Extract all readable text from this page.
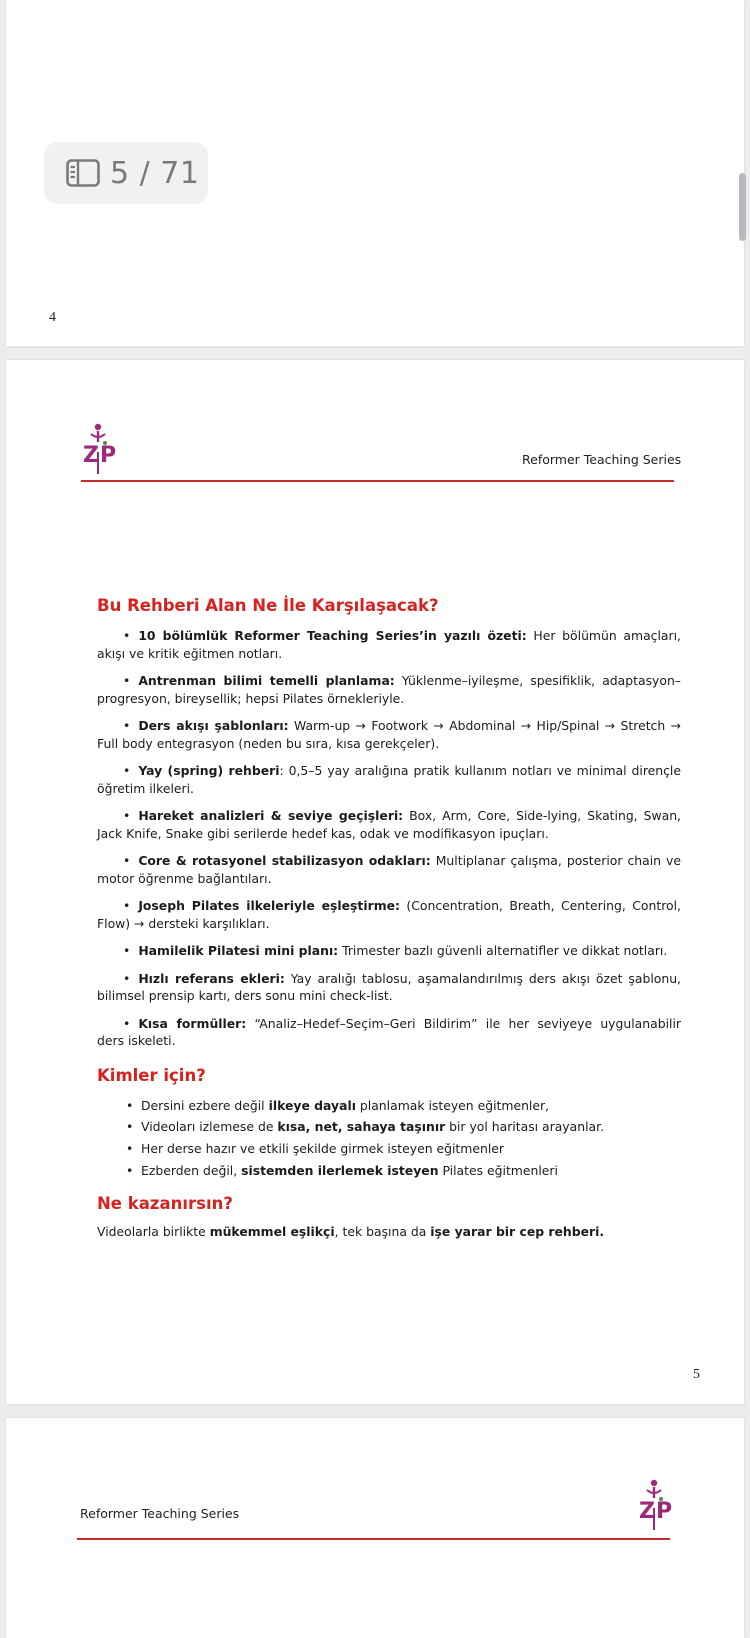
5 / 71
4
Z P	Reformer Teaching Series
Bu Rehberi Alan Ne İle Karşılaşacak?

• 10 bölümlük Reformer Teaching Series’in yazılı özeti: Her bölümün amaçları, akışı ve kritik eğitmen notları.

• Antrenman bilimi temelli planlama: Yüklenme–iyileşme, spesifiklik, adaptasyon–progresyon, bireysellik; hepsi Pilates örnekleriyle.

• Ders akışı şablonları: Warm-up → Footwork → Abdominal → Hip/Spinal → Stretch → Full body entegrasyon (neden bu sıra, kısa gerekçeler).

• Yay (spring) rehberi: 0,5–5 yay aralığına pratik kullanım notları ve minimal dirençle öğretim ilkeleri.

• Hareket analizleri & seviye geçişleri: Box, Arm, Core, Side-lying, Skating, Swan, Jack Knife, Snake gibi serilerde hedef kas, odak ve modifikasyon ipuçları.

• Core & rotasyonel stabilizasyon odakları: Multiplanar çalışma, posterior chain ve motor öğrenme bağlantıları.

• Joseph Pilates ilkeleriyle eşleştirme: (Concentration, Breath, Centering, Control, Flow) → dersteki karşılıkları.

• Hamilelik Pilatesi mini planı: Trimester bazlı güvenli alternatifler ve dikkat notları.

• Hızlı referans ekleri: Yay aralığı tablosu, aşamalandırılmış ders akışı özet şablonu, bilimsel prensip kartı, ders sonu mini check-list.

• Kısa formüller: “Analiz–Hedef–Seçim–Geri Bildirim” ile her seviyeye uygulanabilir ders iskeleti.

Kimler için?
• Dersini ezbere değil ilkeye dayalı planlamak isteyen eğitmenler,
• Videoları izlemese de kısa, net, sahaya taşınır bir yol haritası arayanlar.
• Her derse hazır ve etkili şekilde girmek isteyen eğitmenler
• Ezberden değil, sistemden ilerlemek isteyen Pilates eğitmenleri
Ne kazanırsın?

Videolarla birlikte mükemmel eşlikçi, tek başına da işe yarar bir cep rehberi.

5
Reformer Teaching Series	Z P
